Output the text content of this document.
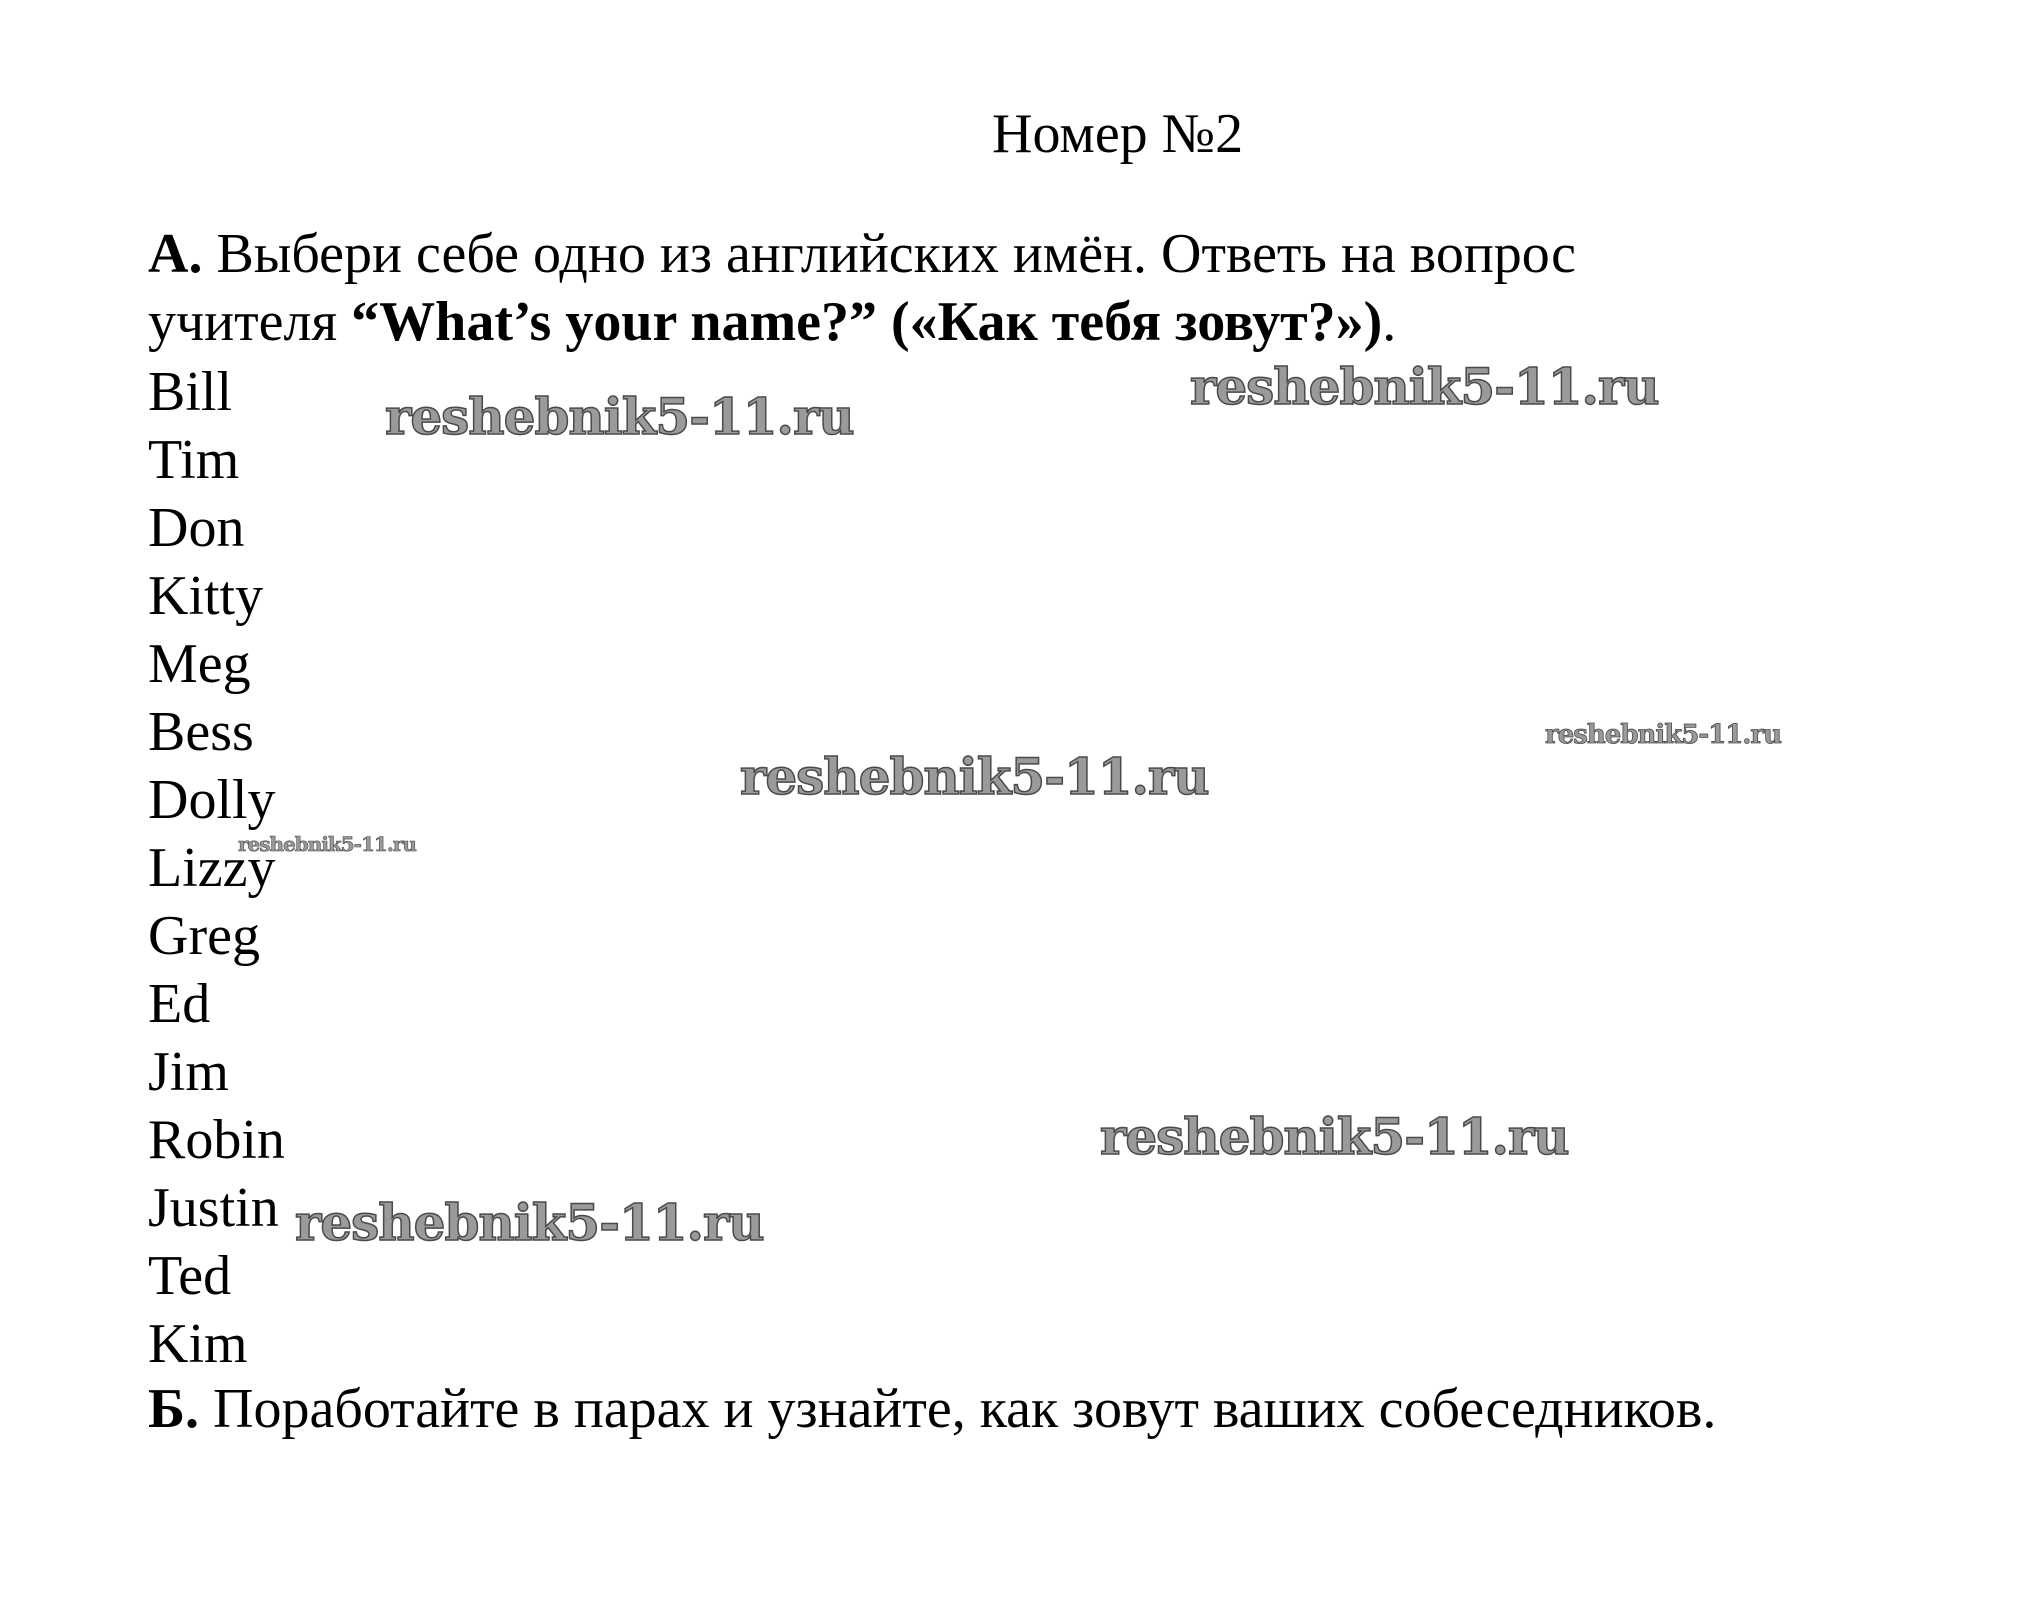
Номер №2
А. Выбери себе одно из английских имён. Ответь на вопрос
учителя “What’s your name?” («Как тебя зовут?»).
Bill
Tim
Don
Kitty
Meg
Bess
Dolly
Lizzy
Greg
Ed
Jim
Robin
Justin
Ted
Kim
Б. Поработайте в парах и узнайте, как зовут ваших собеседников.
reshebnik5-11.ru
reshebnik5-11.ru
reshebnik5-11.ru
reshebnik5-11.ru
reshebnik5-11.ru
reshebnik5-11.ru
reshebnik5-11.ru
